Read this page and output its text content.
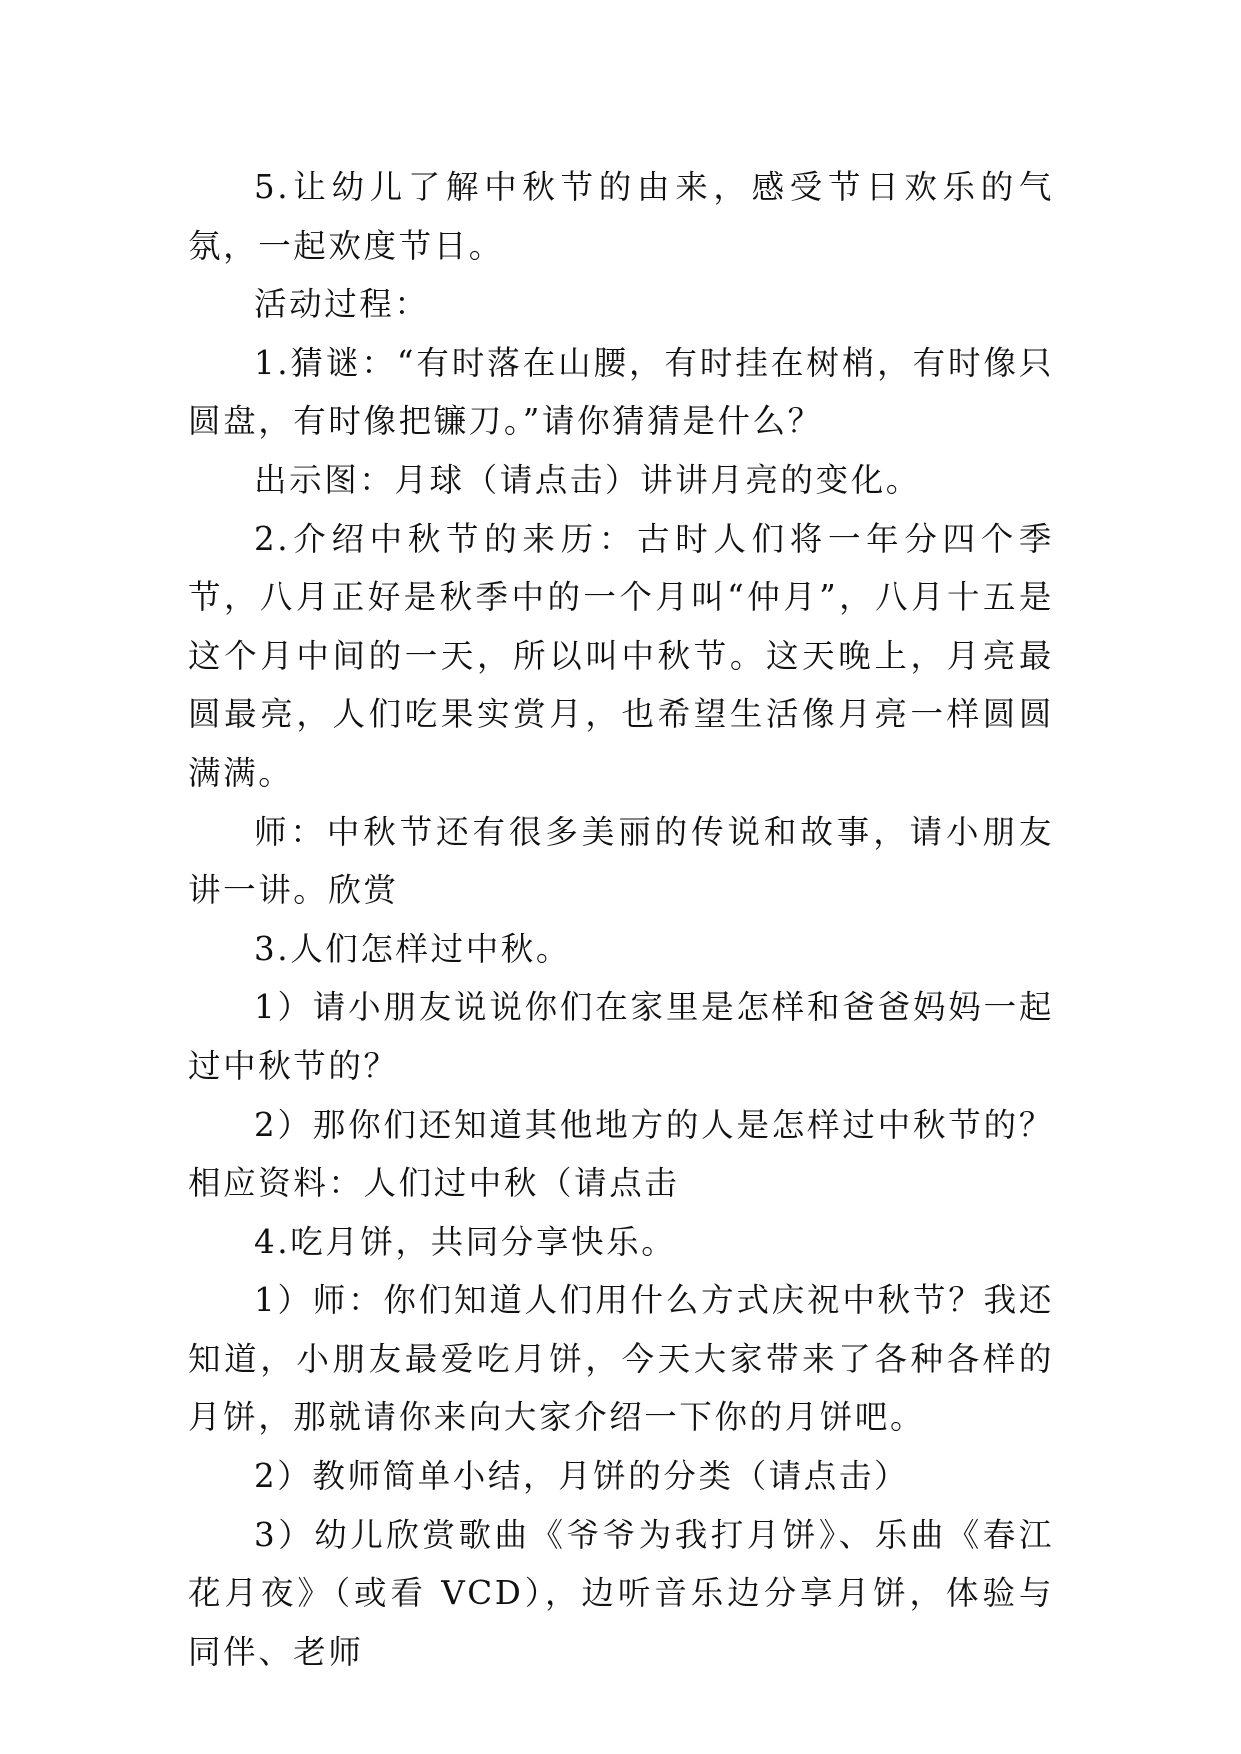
5.让幼儿了解中秋节的由来，感受节日欢乐的气氛，一起欢度节日。

活动过程：

1.猜谜：“有时落在山腰，有时挂在树梢，有时像只圆盘，有时像把镰刀。”请你猜猜是什么？

出示图：月球（请点击）讲讲月亮的变化。

2.介绍中秋节的来历：古时人们将一年分四个季节，八月正好是秋季中的一个月叫“仲月”，八月十五是这个月中间的一天，所以叫中秋节。这天晚上，月亮最圆最亮，人们吃果实赏月，也希望生活像月亮一样圆圆满满。

师：中秋节还有很多美丽的传说和故事，请小朋友讲一讲。欣赏

3.人们怎样过中秋。

1）请小朋友说说你们在家里是怎样和爸爸妈妈一起过中秋节的？

2）那你们还知道其他地方的人是怎样过中秋节的？相应资料：人们过中秋（请点击

4.吃月饼，共同分享快乐。

1）师：你们知道人们用什么方式庆祝中秋节？我还知道，小朋友最爱吃月饼，今天大家带来了各种各样的月饼，那就请你来向大家介绍一下你的月饼吧。

2）教师简单小结，月饼的分类（请点击）

3）幼儿欣赏歌曲《爷爷为我打月饼》、乐曲《春江花月夜》（或看 VCD），边听音乐边分享月饼，体验与同伴、老师
